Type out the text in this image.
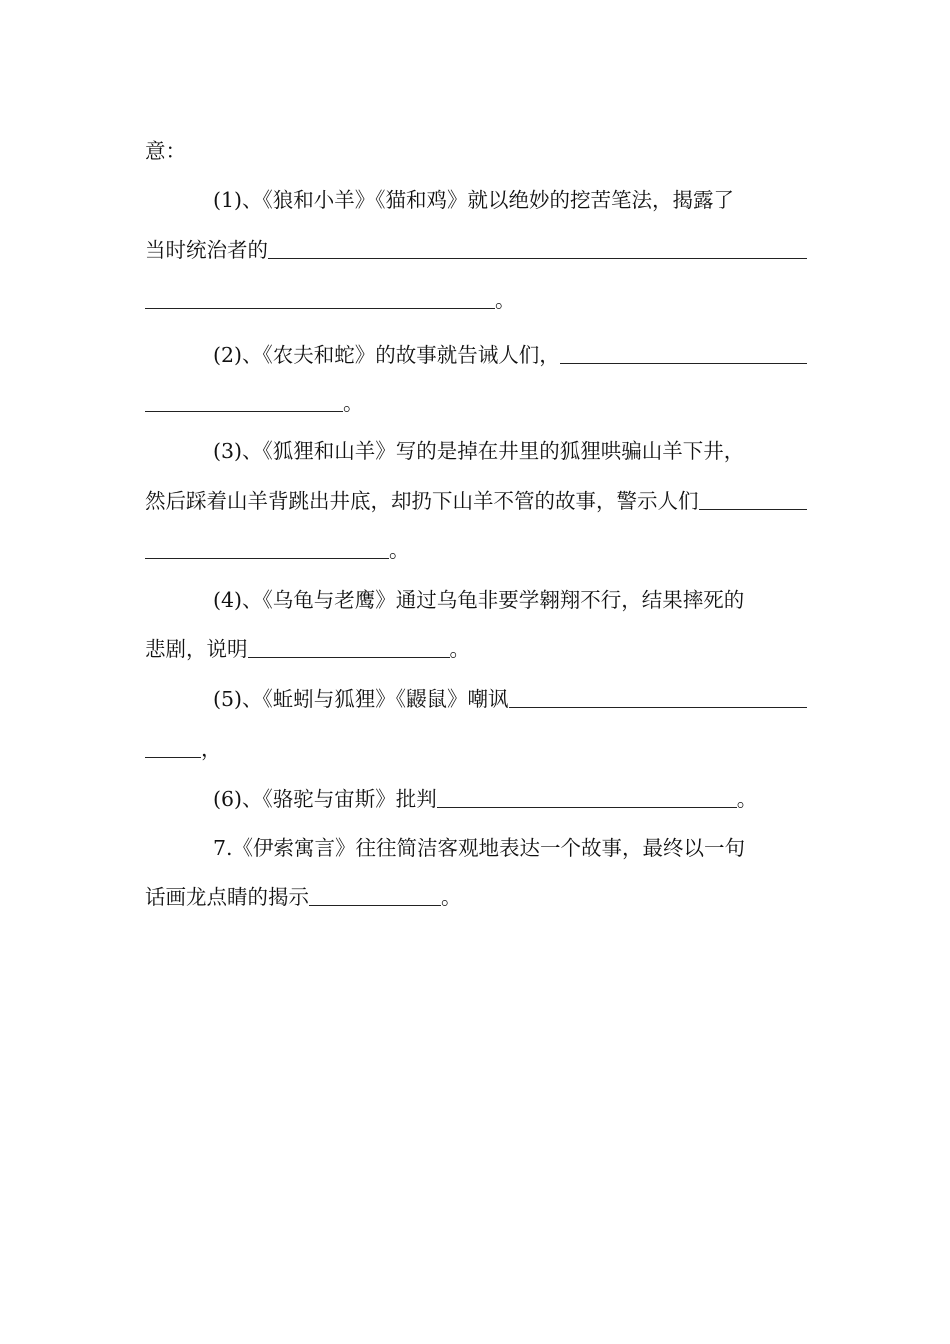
意：
(1)、《狼和小羊》《猫和鸡》就以绝妙的挖苦笔法，揭露了
当时统治者的
。
(2)、《农夫和蛇》的故事就告诫人们，
。
(3)、《狐狸和山羊》写的是掉在井里的狐狸哄骗山羊下井，
然后踩着山羊背跳出井底，却扔下山羊不管的故事，警示人们
。
(4)、《乌龟与老鹰》通过乌龟非要学翱翔不行，结果摔死的
悲剧，说明	。
(5)、《蚯蚓与狐狸》《鼹鼠》嘲讽
，
(6)、《骆驼与宙斯》批判	。
7.《伊索寓言》往往简洁客观地表达一个故事，最终以一句
话画龙点睛的揭示	。
